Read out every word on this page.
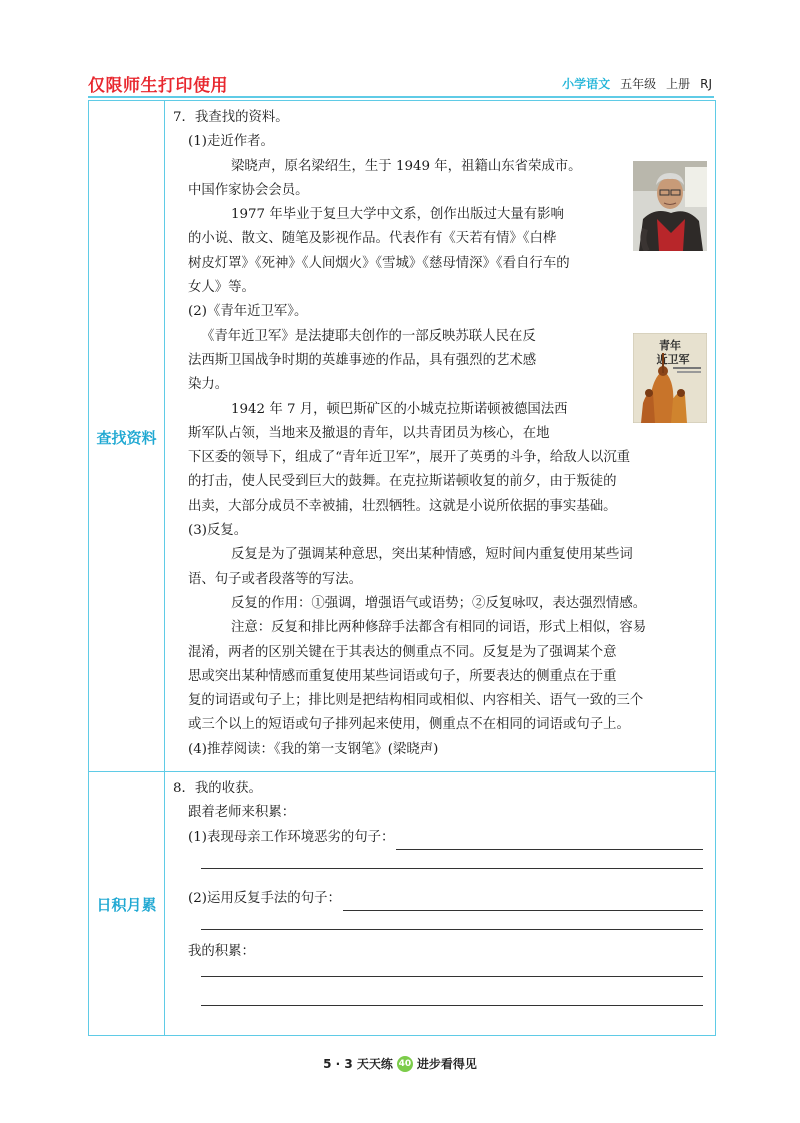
仅限师生打印使用	小学语文 五年级 上册 RJ
查找资料
日积月累

7．我查找的资料。

(1)走近作者。

梁晓声，原名梁绍生，生于 1949 年，祖籍山东省荣成市。

中国作家协会会员。

1977 年毕业于复旦大学中文系，创作出版过大量有影响

的小说、散文、随笔及影视作品。代表作有《天若有情》《白桦

树皮灯罩》《死神》《人间烟火》《雪城》《慈母情深》《看自行车的

女人》等。

(2)《青年近卫军》。

《青年近卫军》是法捷耶夫创作的一部反映苏联人民在反

法西斯卫国战争时期的英雄事迹的作品，具有强烈的艺术感

染力。

1942 年 7 月，顿巴斯矿区的小城克拉斯诺顿被德国法西

斯军队占领，当地来及撤退的青年，以共青团员为核心，在地

下区委的领导下，组成了“青年近卫军”，展开了英勇的斗争，给敌人以沉重

的打击，使人民受到巨大的鼓舞。在克拉斯诺顿收复的前夕，由于叛徒的

出卖，大部分成员不幸被捕，壮烈牺牲。这就是小说所依据的事实基础。

(3)反复。

反复是为了强调某种意思，突出某种情感，短时间内重复使用某些词

语、句子或者段落等的写法。

反复的作用：①强调，增强语气或语势；②反复咏叹，表达强烈情感。

注意：反复和排比两种修辞手法都含有相同的词语，形式上相似，容易

混淆，两者的区别关键在于其表达的侧重点不同。反复是为了强调某个意

思或突出某种情感而重复使用某些词语或句子，所要表达的侧重点在于重

复的词语或句子上；排比则是把结构相同或相似、内容相关、语气一致的三个

或三个以上的短语或句子排列起来使用，侧重点不在相同的词语或句子上。

(4)推荐阅读：《我的第一支钢笔》(梁晓声)

青年
近卫军

8．我的收获。

跟着老师来积累：

(1)表现母亲工作环境恶劣的句子：
(2)运用反复手法的句子：

我的积累：

5 · 3 天天练 40 进步看得见
